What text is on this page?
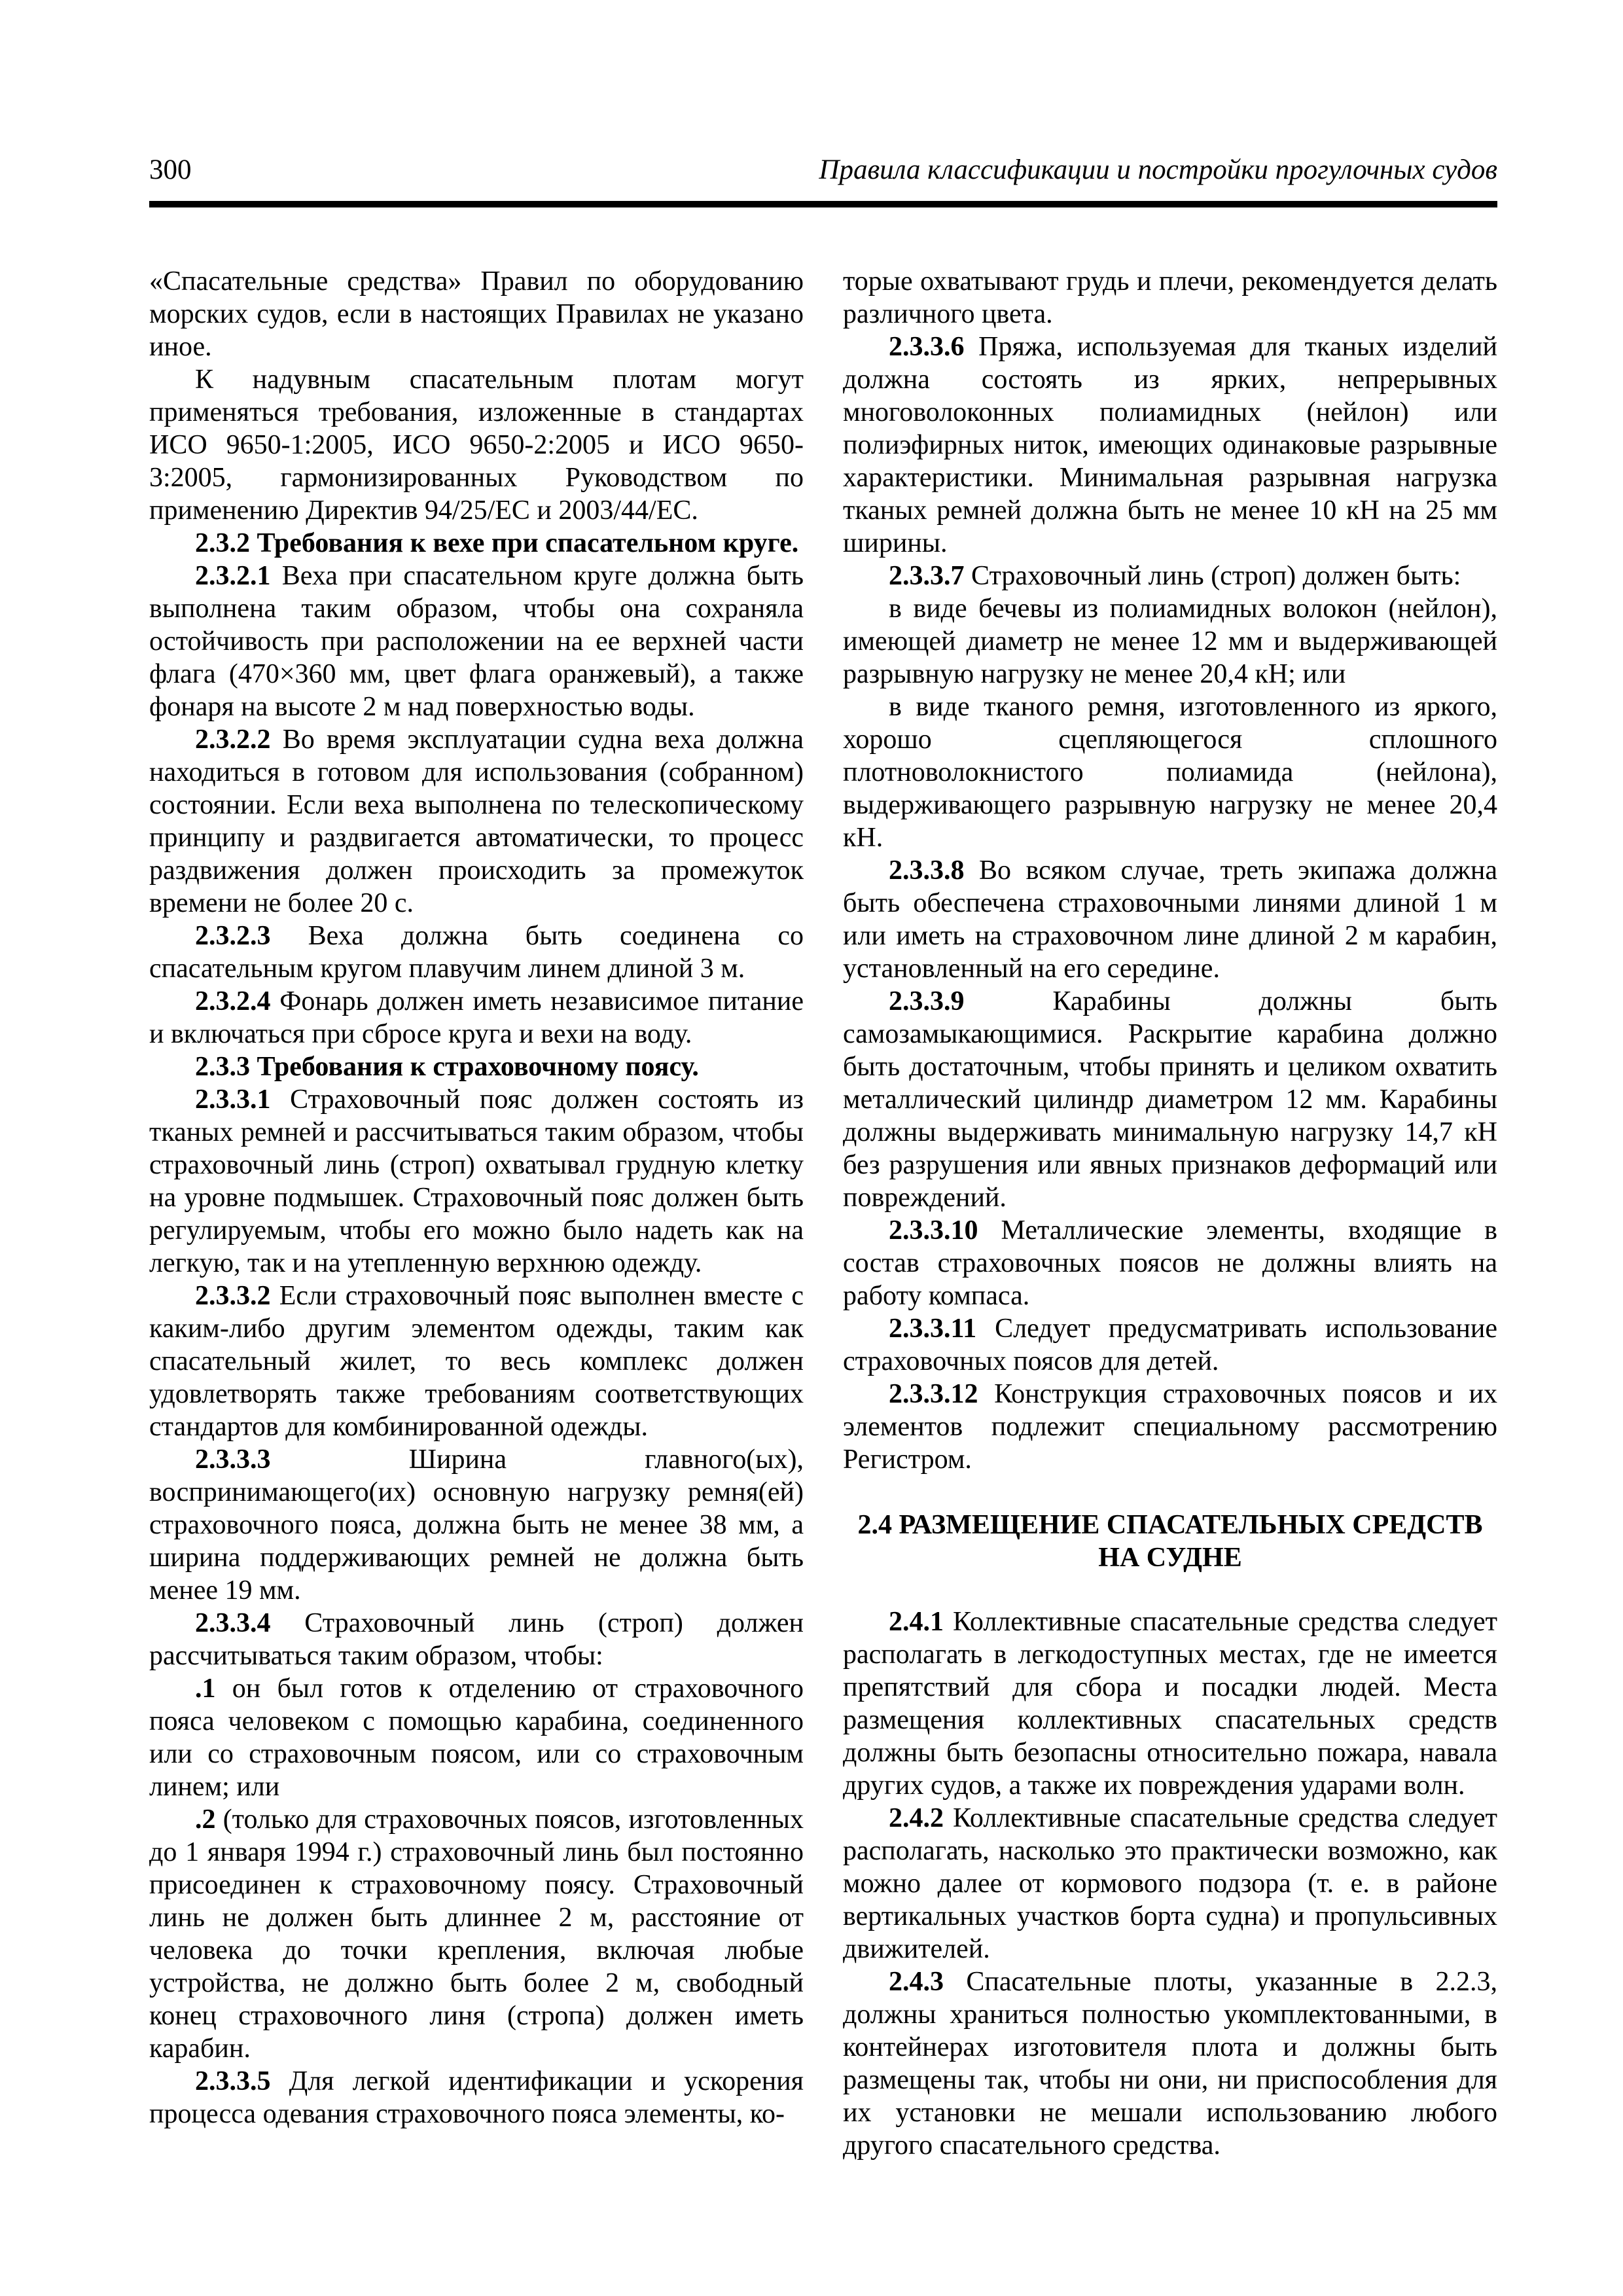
300	Правила классификации и постройки прогулочных судов

«Спасательные средства» Правил по оборудованию морских судов, если в настоящих Правилах не указано иное.

К надувным спасательным плотам могут применяться требования, изложенные в стандартах ИСО 9650-1:2005, ИСО 9650-2:2005 и ИСО 9650-3:2005, гармонизированных Руководством по применению Директив 94/25/ЕС и 2003/44/ЕС.

2.3.2 Требования к вехе при спасательном круге.

2.3.2.1 Веха при спасательном круге должна быть выполнена таким образом, чтобы она сохраняла остойчивость при расположении на ее верхней части флага (470×360 мм, цвет флага оранжевый), а также фонаря на высоте 2 м над поверхностью воды.

2.3.2.2 Во время эксплуатации судна веха должна находиться в готовом для использования (собранном) состоянии. Если веха выполнена по телескопическому принципу и раздвигается автоматически, то процесс раздвижения должен происходить за промежуток времени не более 20 с.

2.3.2.3 Веха должна быть соединена со спасательным кругом плавучим линем длиной 3 м.

2.3.2.4 Фонарь должен иметь независимое питание и включаться при сбросе круга и вехи на воду.

2.3.3 Требования к страховочному поясу.

2.3.3.1 Страховочный пояс должен состоять из тканых ремней и рассчитываться таким образом, чтобы страховочный линь (строп) охватывал грудную клетку на уровне подмышек. Страховочный пояс должен быть регулируемым, чтобы его можно было надеть как на легкую, так и на утепленную верхнюю одежду.

2.3.3.2 Если страховочный пояс выполнен вместе с каким-либо другим элементом одежды, таким как спасательный жилет, то весь комплекс должен удовлетворять также требованиям соответствующих стандартов для комбинированной одежды.

2.3.3.3 Ширина главного(ых), воспринимающего(их) основную нагрузку ремня(ей) страховочного пояса, должна быть не менее 38 мм, а ширина поддерживающих ремней не должна быть менее 19 мм.

2.3.3.4 Страховочный линь (строп) должен рассчитываться таким образом, чтобы:

.1 он был готов к отделению от страховочного пояса человеком с помощью карабина, соединенного или со страховочным поясом, или со страховочным линем; или

.2 (только для страховочных поясов, изготовленных до 1 января 1994 г.) страховочный линь был постоянно присоединен к страховочному поясу. Страховочный линь не должен быть длиннее 2 м, расстояние от человека до точки крепления, включая любые устройства, не должно быть более 2 м, свободный конец страховочного линя (стропа) должен иметь карабин.

2.3.3.5 Для легкой идентификации и ускорения процесса одевания страховочного пояса элементы, ко-

торые охватывают грудь и плечи, рекомендуется делать различного цвета.

2.3.3.6 Пряжа, используемая для тканых изделий должна состоять из ярких, непрерывных многоволоконных полиамидных (нейлон) или полиэфирных ниток, имеющих одинаковые разрывные характеристики. Минимальная разрывная нагрузка тканых ремней должна быть не менее 10 кН на 25 мм ширины.

2.3.3.7 Страховочный линь (строп) должен быть:

в виде бечевы из полиамидных волокон (нейлон), имеющей диаметр не менее 12 мм и выдерживающей разрывную нагрузку не менее 20,4 кН; или

в виде тканого ремня, изготовленного из яркого, хорошо сцепляющегося сплошного плотноволокнистого полиамида (нейлона), выдерживающего разрывную нагрузку не менее 20,4 кН.

2.3.3.8 Во всяком случае, треть экипажа должна быть обеспечена страховочными линями длиной 1 м или иметь на страховочном лине длиной 2 м карабин, установленный на его середине.

2.3.3.9 Карабины должны быть самозамыкающимися. Раскрытие карабина должно быть достаточным, чтобы принять и целиком охватить металлический цилиндр диаметром 12 мм. Карабины должны выдерживать минимальную нагрузку 14,7 кН без разрушения или явных признаков деформаций или повреждений.

2.3.3.10 Металлические элементы, входящие в состав страховочных поясов не должны влиять на работу компаса.

2.3.3.11 Следует предусматривать использование страховочных поясов для детей.

2.3.3.12 Конструкция страховочных поясов и их элементов подлежит специальному рассмотрению Регистром.

2.4 РАЗМЕЩЕНИЕ СПАСАТЕЛЬНЫХ СРЕДСТВ
НА СУДНЕ

2.4.1 Коллективные спасательные средства следует располагать в легкодоступных местах, где не имеется препятствий для сбора и посадки людей. Места размещения коллективных спасательных средств должны быть безопасны относительно пожара, навала других судов, а также их повреждения ударами волн.

2.4.2 Коллективные спасательные средства следует располагать, насколько это практически возможно, как можно далее от кормового подзора (т. е. в районе вертикальных участков борта судна) и пропульсивных движителей.

2.4.3 Спасательные плоты, указанные в 2.2.3, должны храниться полностью укомплектованными, в контейнерах изготовителя плота и должны быть размещены так, чтобы ни они, ни приспособления для их установки не мешали использованию любого другого спасательного средства.
